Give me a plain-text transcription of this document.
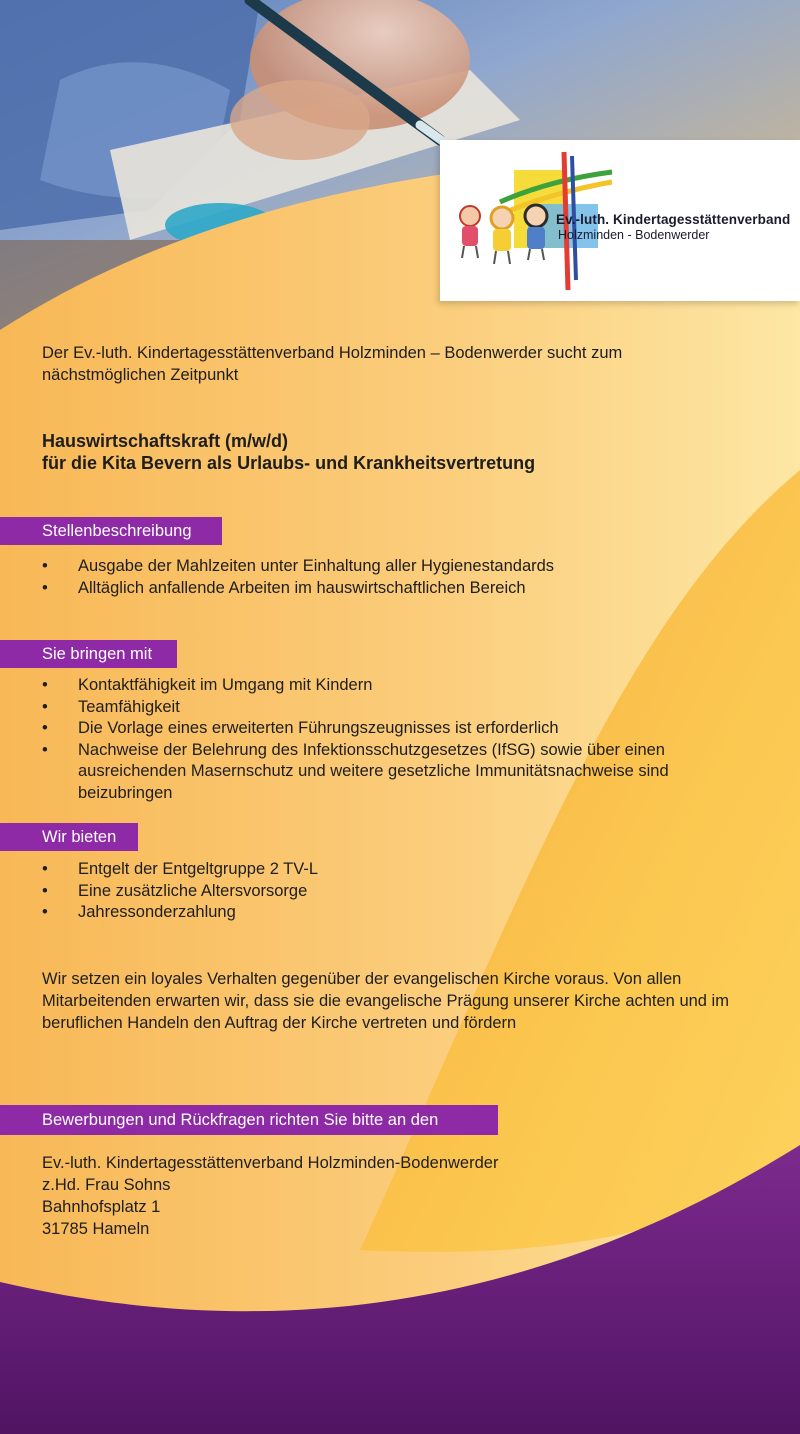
Ev.-luth. Kindertagesstättenverband
Holzminden - Bodenwerder

Der Ev.-luth. Kindertagesstättenverband Holzminden – Bodenwerder sucht zum nächstmöglichen Zeitpunkt

Hauswirtschaftskraft (m/w/d)
für die Kita Bevern als Urlaubs- und Krankheitsvertretung
Stellenbeschreibung
• Ausgabe der Mahlzeiten unter Einhaltung aller Hygienestandards
• Alltäglich anfallende Arbeiten im hauswirtschaftlichen Bereich
Sie bringen mit
• Kontaktfähigkeit im Umgang mit Kindern
• Teamfähigkeit
• Die Vorlage eines erweiterten Führungszeugnisses ist erforderlich
• Nachweise der Belehrung des Infektionsschutzgesetzes (IfSG) sowie über einen ausreichenden Masernschutz und weitere gesetzliche Immunitätsnachweise sind beizubringen
Wir bieten
• Entgelt der Entgeltgruppe 2 TV-L
• Eine zusätzliche Altersvorsorge
• Jahressonderzahlung

Wir setzen ein loyales Verhalten gegenüber der evangelischen Kirche voraus. Von allen Mitarbeitenden erwarten wir, dass sie die evangelische Prägung unserer Kirche achten und im beruflichen Handeln den Auftrag der Kirche vertreten und fördern

Bewerbungen und Rückfragen richten Sie bitte an den
Ev.-luth. Kindertagesstättenverband Holzminden-Bodenwerder
z.Hd. Frau Sohns
Bahnhofsplatz 1
31785 Hameln
